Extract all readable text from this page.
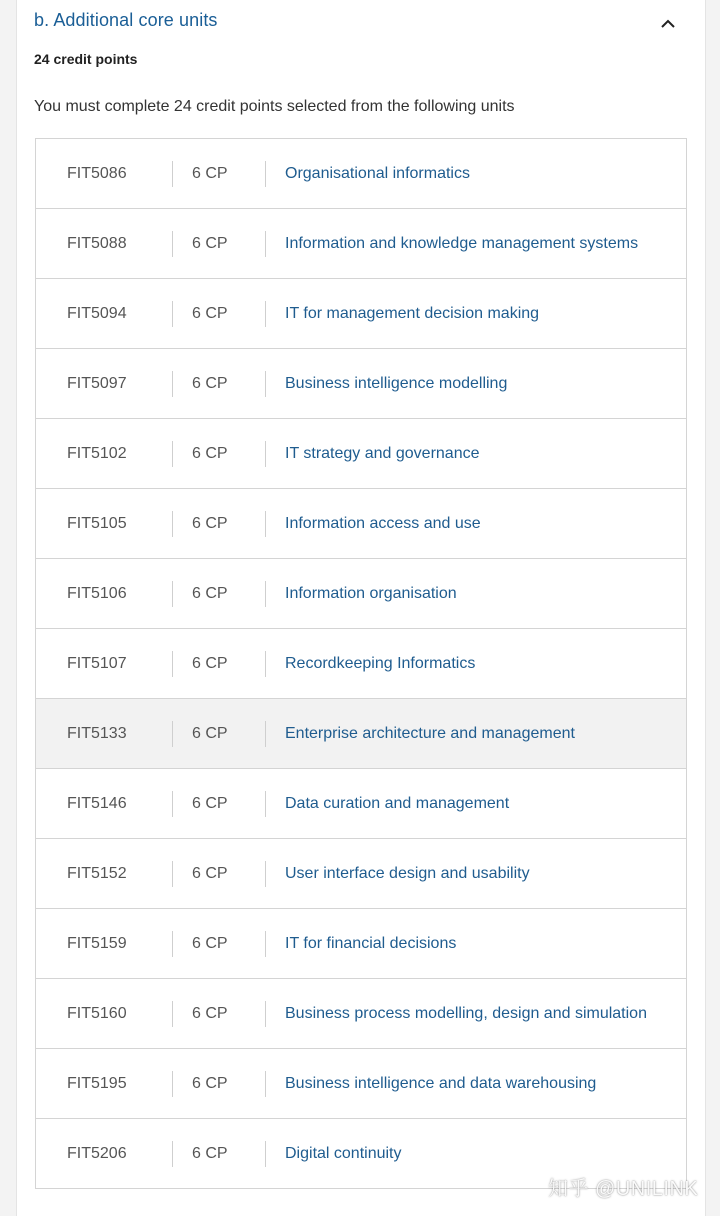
b. Additional core units
24 credit points
You must complete 24 credit points selected from the following units
FIT5086	6 CP	Organisational informatics
FIT5088	6 CP	Information and knowledge management systems
FIT5094	6 CP	IT for management decision making
FIT5097	6 CP	Business intelligence modelling
FIT5102	6 CP	IT strategy and governance
FIT5105	6 CP	Information access and use
FIT5106	6 CP	Information organisation
FIT5107	6 CP	Recordkeeping Informatics
FIT5133	6 CP	Enterprise architecture and management
FIT5146	6 CP	Data curation and management
FIT5152	6 CP	User interface design and usability
FIT5159	6 CP	IT for financial decisions
FIT5160	6 CP	Business process modelling, design and simulation
FIT5195	6 CP	Business intelligence and data warehousing
FIT5206	6 CP	Digital continuity
知乎 @UNILINK
